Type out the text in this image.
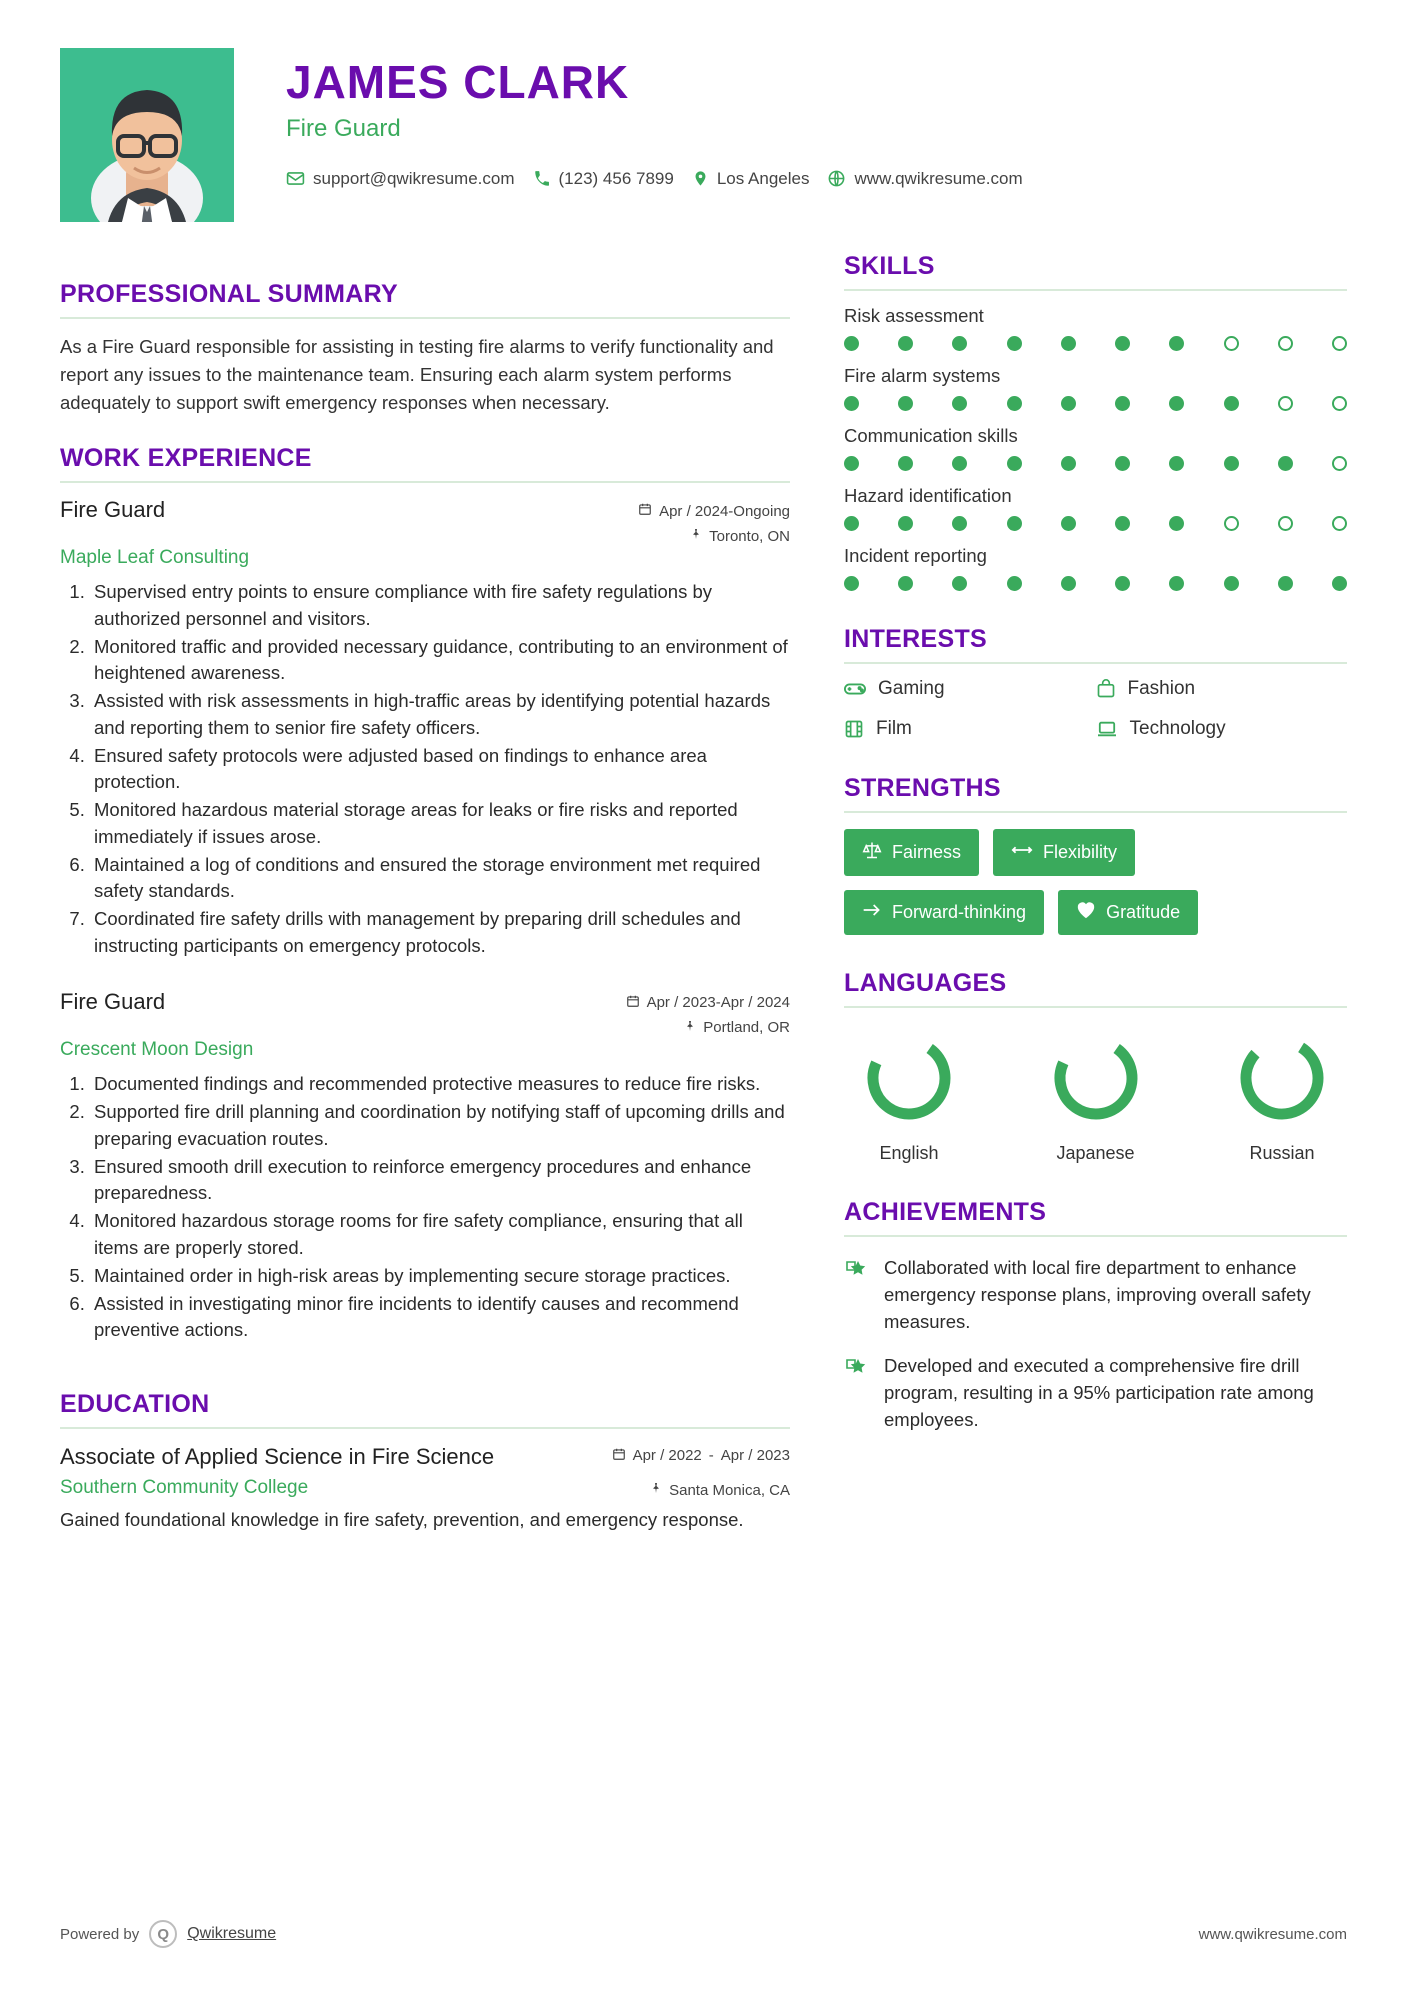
JAMES CLARK
Fire Guard
support@qwikresume.com	(123) 456 7899	Los Angeles	www.qwikresume.com
PROFESSIONAL SUMMARY

As a Fire Guard responsible for assisting in testing fire alarms to verify functionality and report any issues to the maintenance team. Ensuring each alarm system performs adequately to support swift emergency responses when necessary.

WORK EXPERIENCE
Fire Guard	Apr / 2024-Ongoing
Toronto, ON
Maple Leaf Consulting
1. Supervised entry points to ensure compliance with fire safety regulations by authorized personnel and visitors.
2. Monitored traffic and provided necessary guidance, contributing to an environment of heightened awareness.
3. Assisted with risk assessments in high-traffic areas by identifying potential hazards and reporting them to senior fire safety officers.
4. Ensured safety protocols were adjusted based on findings to enhance area protection.
5. Monitored hazardous material storage areas for leaks or fire risks and reported immediately if issues arose.
6. Maintained a log of conditions and ensured the storage environment met required safety standards.
7. Coordinated fire safety drills with management by preparing drill schedules and instructing participants on emergency protocols.
Fire Guard	Apr / 2023-Apr / 2024
Portland, OR
Crescent Moon Design
1. Documented findings and recommended protective measures to reduce fire risks.
2. Supported fire drill planning and coordination by notifying staff of upcoming drills and preparing evacuation routes.
3. Ensured smooth drill execution to reinforce emergency procedures and enhance preparedness.
4. Monitored hazardous storage rooms for fire safety compliance, ensuring that all items are properly stored.
5. Maintained order in high-risk areas by implementing secure storage practices.
6. Assisted in investigating minor fire incidents to identify causes and recommend preventive actions.
EDUCATION
Associate of Applied Science in Fire Science	Apr / 2022 - Apr / 2023
Southern Community College	Santa Monica, CA
Gained foundational knowledge in fire safety, prevention, and emergency response.
SKILLS
Risk assessment
Fire alarm systems
Communication skills
Hazard identification
Incident reporting
INTERESTS
Gaming	Fashion
Film	Technology
STRENGTHS
Fairness	Flexibility
Forward-thinking	Gratitude
LANGUAGES
English	Japanese	Russian
ACHIEVEMENTS
Collaborated with local fire department to enhance emergency response plans, improving overall safety measures.
Developed and executed a comprehensive fire drill program, resulting in a 95% participation rate among employees.
Powered by	Q	Qwikresume	www.qwikresume.com
